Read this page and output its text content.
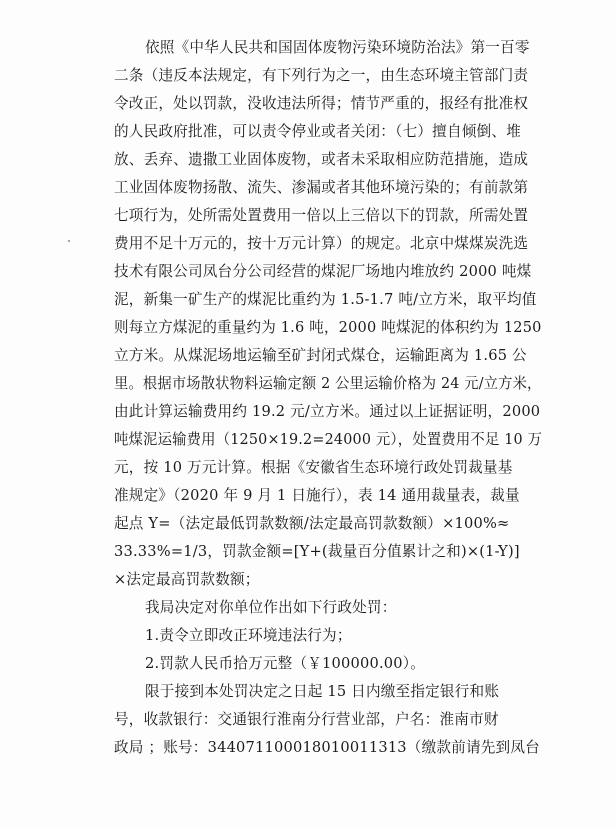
依照《中华人民共和国固体废物污染环境防治法》第一百零
二条（违反本法规定，有下列行为之一，由生态环境主管部门责
令改正，处以罚款，没收违法所得；情节严重的，报经有批准权
的人民政府批准，可以责令停业或者关闭：（七）擅自倾倒、堆
放、丢弃、遗撒工业固体废物，或者未采取相应防范措施，造成
工业固体废物扬散、流失、渗漏或者其他环境污染的；有前款第
七项行为，处所需处置费用一倍以上三倍以下的罚款，所需处置
费用不足十万元的，按十万元计算）的规定。北京中煤煤炭洗选
技术有限公司凤台分公司经营的煤泥厂场地内堆放约 2000 吨煤
泥，新集一矿生产的煤泥比重约为 1.5-1.7 吨/立方米，取平均值
则每立方煤泥的重量约为 1.6 吨，2000 吨煤泥的体积约为 1250
立方米。从煤泥场地运输至矿封闭式煤仓，运输距离为 1.65 公
里。根据市场散状物料运输定额 2 公里运输价格为 24 元/立方米，
由此计算运输费用约 19.2 元/立方米。通过以上证据证明，2000
吨煤泥运输费用（1250×19.2=24000 元），处置费用不足 10 万
元，按 10 万元计算。根据《安徽省生态环境行政处罚裁量基
准规定》（2020 年 9 月 1 日施行），表 14 通用裁量表，裁量
起点 Y=（法定最低罚款数额/法定最高罚款数额）×100%≈
33.33%=1/3，罚款金额=[Y+(裁量百分值累计之和)×(1-Y)]
×法定最高罚款数额；
我局决定对你单位作出如下行政处罚：
1.责令立即改正环境违法行为；
2.罚款人民币拾万元整（￥100000.00）。
限于接到本处罚决定之日起 15 日内缴至指定银行和账
号，收款银行：交通银行淮南分行营业部，户名：淮南市财
政局 ；账号：344071100018010011313（缴款前请先到凤台
